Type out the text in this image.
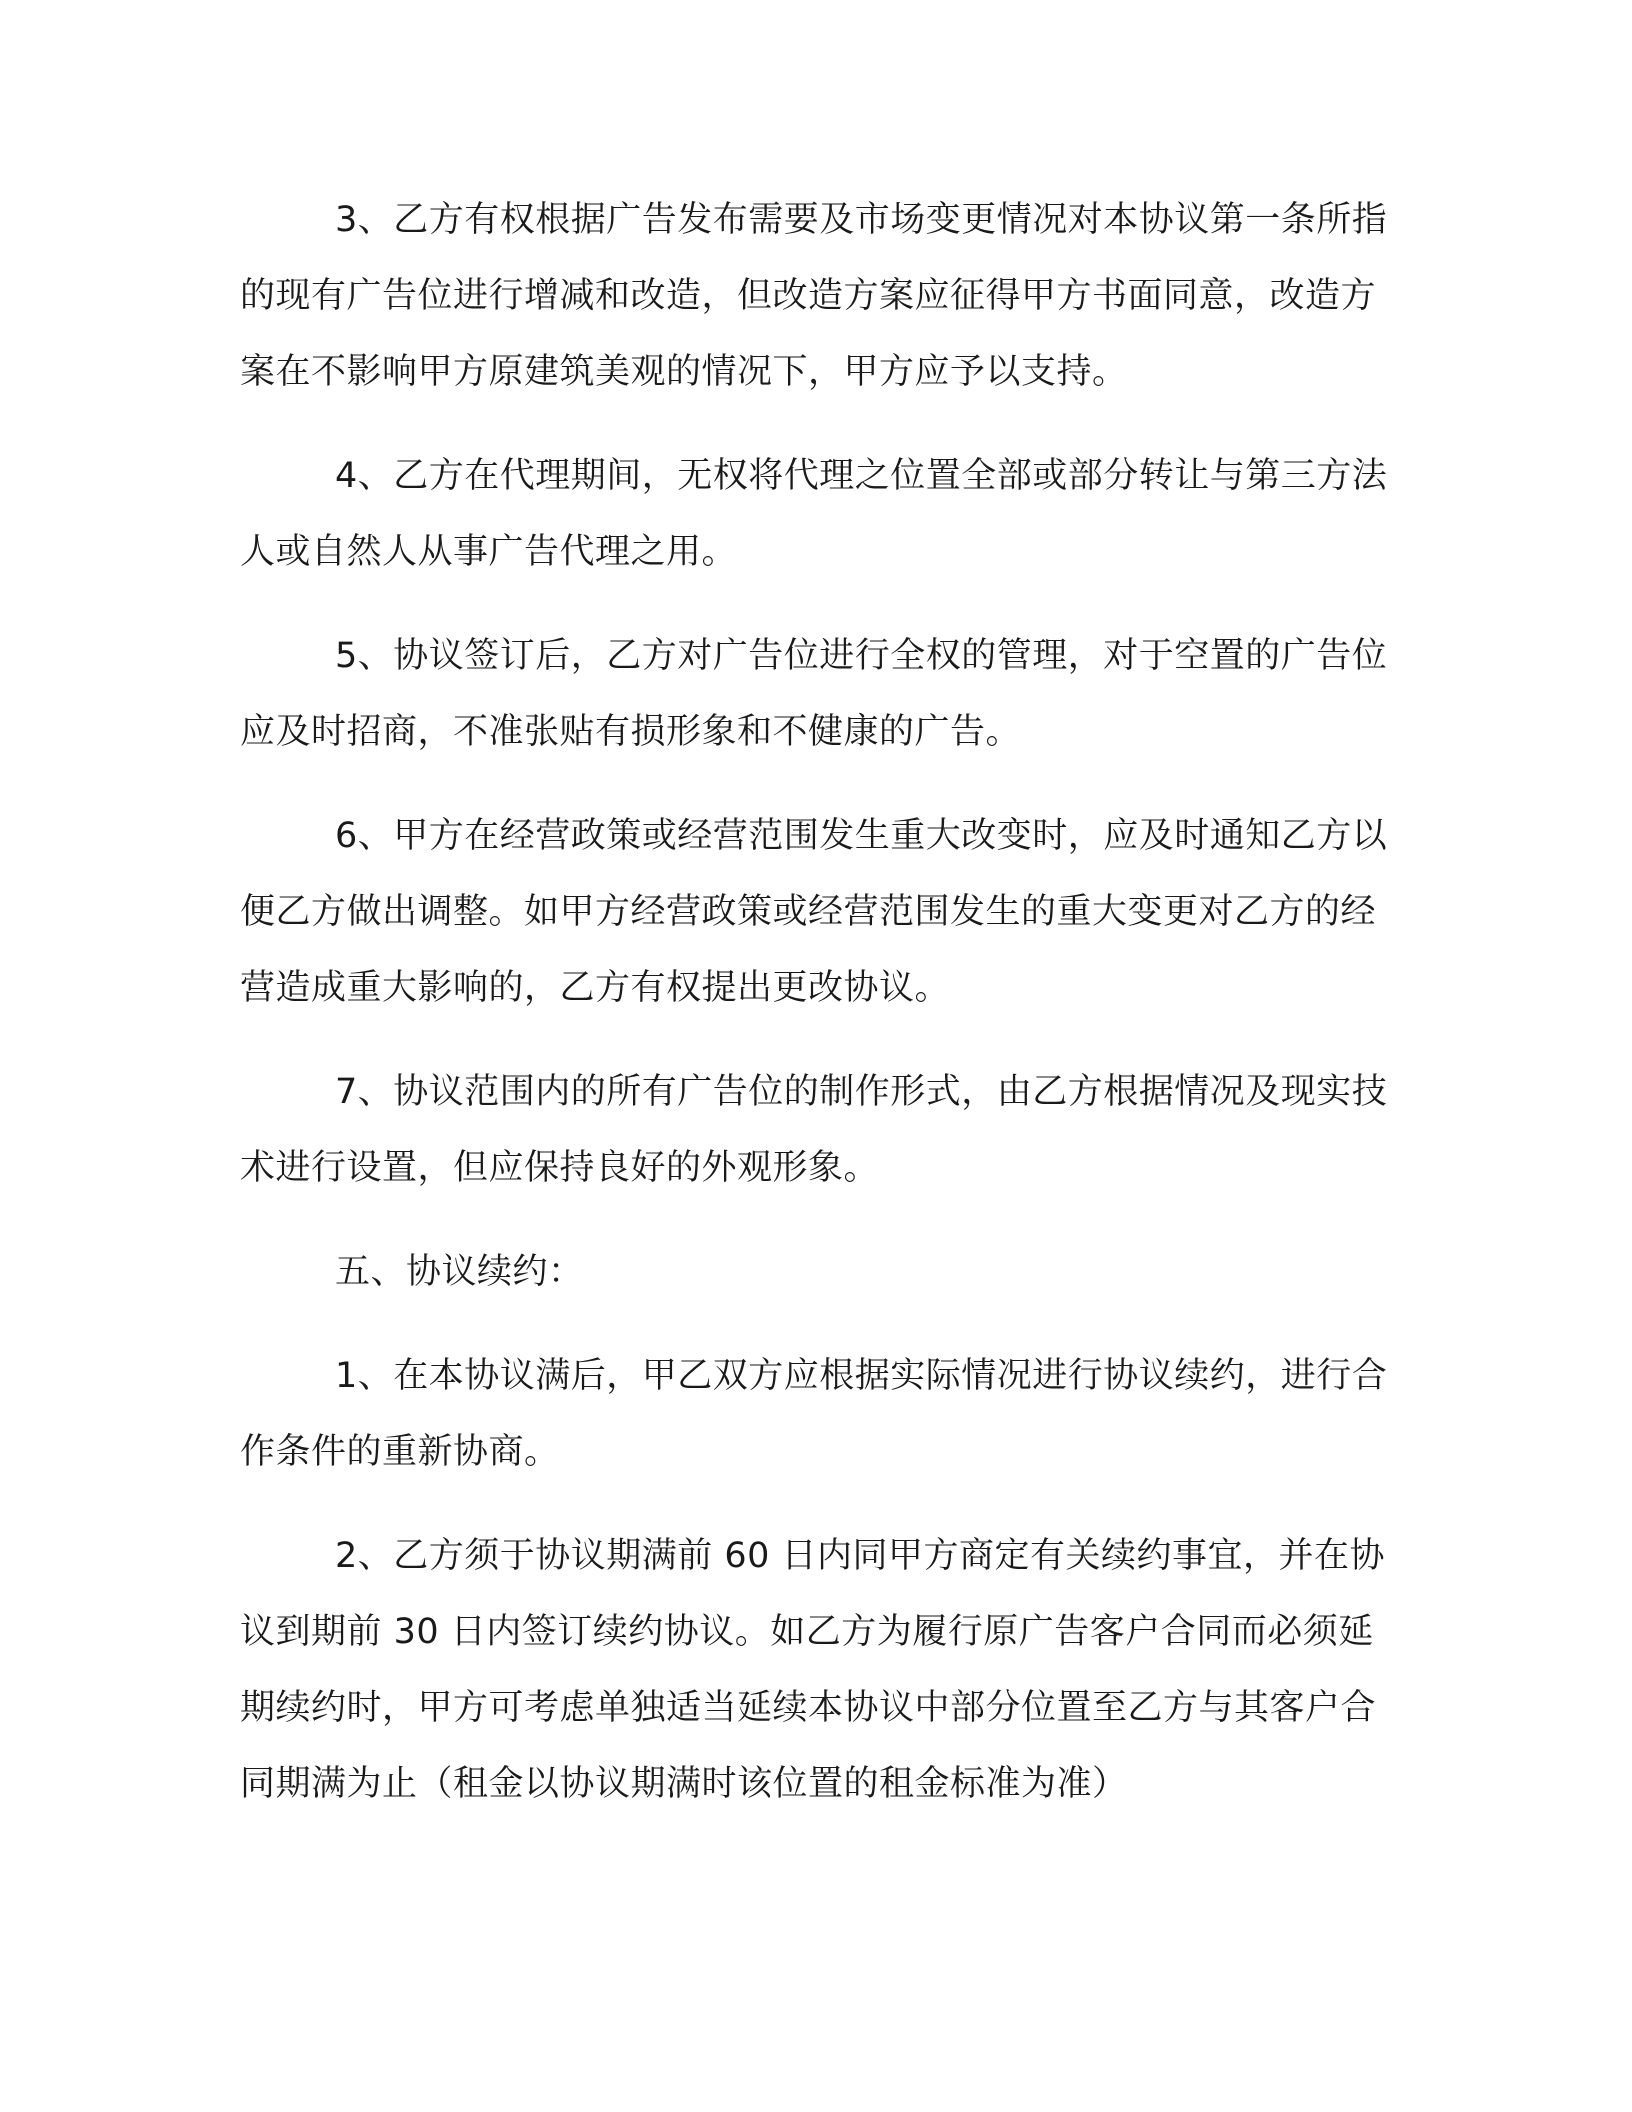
3、乙方有权根据广告发布需要及市场变更情况对本协议第一条所指的现有广告位进行增减和改造，但改造方案应征得甲方书面同意，改造方案在不影响甲方原建筑美观的情况下，甲方应予以支持。

4、乙方在代理期间，无权将代理之位置全部或部分转让与第三方法人或自然人从事广告代理之用。

5、协议签订后，乙方对广告位进行全权的管理，对于空置的广告位应及时招商，不准张贴有损形象和不健康的广告。

6、甲方在经营政策或经营范围发生重大改变时，应及时通知乙方以便乙方做出调整。如甲方经营政策或经营范围发生的重大变更对乙方的经营造成重大影响的，乙方有权提出更改协议。

7、协议范围内的所有广告位的制作形式，由乙方根据情况及现实技术进行设置，但应保持良好的外观形象。

五、协议续约：

1、在本协议满后，甲乙双方应根据实际情况进行协议续约，进行合作条件的重新协商。

2、乙方须于协议期满前 60 日内同甲方商定有关续约事宜，并在协议到期前 30 日内签订续约协议。如乙方为履行原广告客户合同而必须延期续约时，甲方可考虑单独适当延续本协议中部分位置至乙方与其客户合同期满为止（租金以协议期满时该位置的租金标准为准）
